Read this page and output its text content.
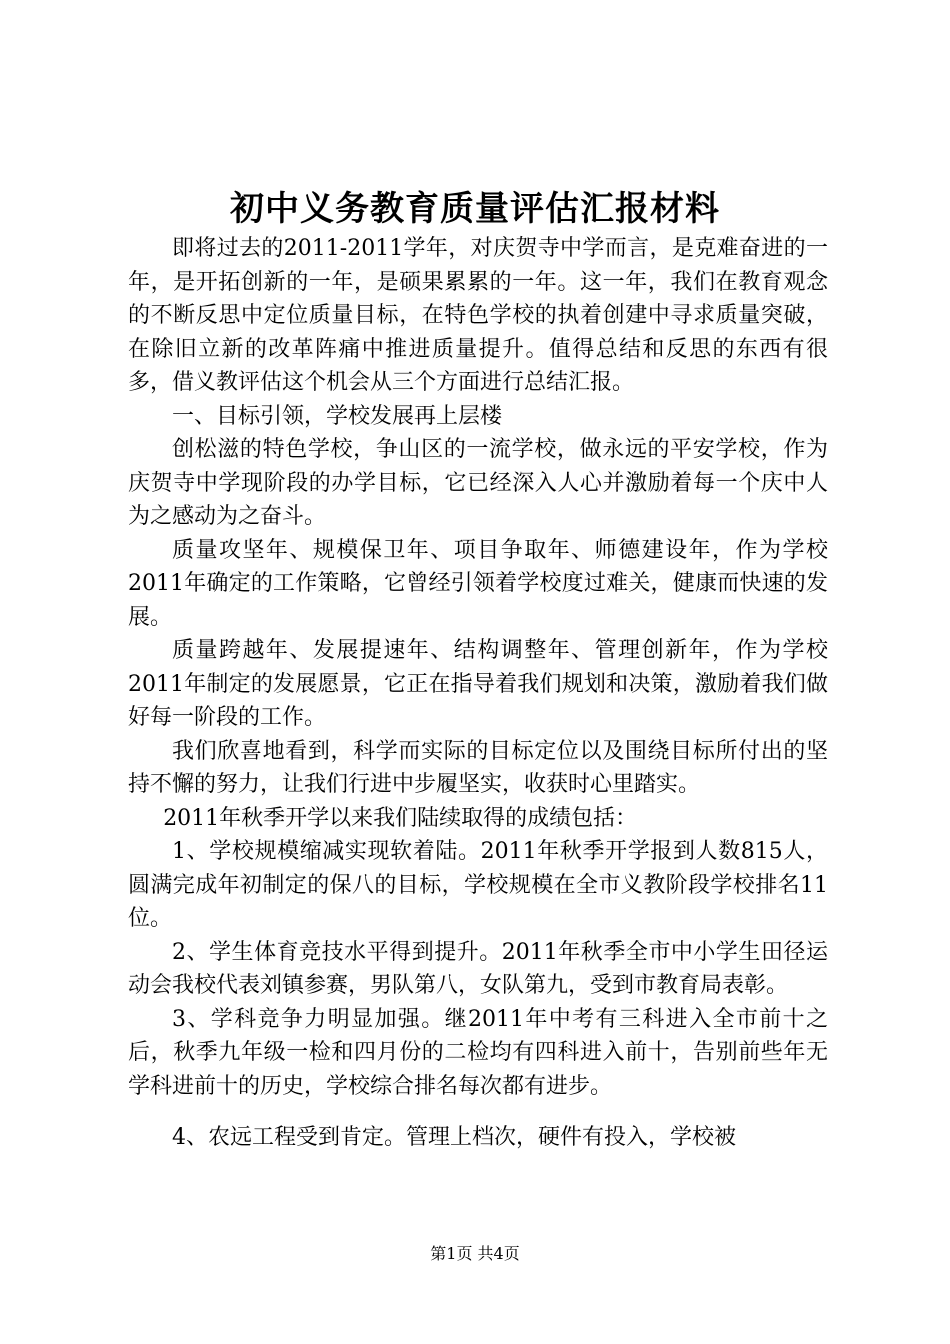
初中义务教育质量评估汇报材料

即将过去的2011-2011学年，对庆贺寺中学而言，是克难奋进的一年，是开拓创新的一年，是硕果累累的一年。这一年，我们在教育观念的不断反思中定位质量目标，在特色学校的执着创建中寻求质量突破，在除旧立新的改革阵痛中推进质量提升。值得总结和反思的东西有很多，借义教评估这个机会从三个方面进行总结汇报。

一、目标引领，学校发展再上层楼

创松滋的特色学校，争山区的一流学校，做永远的平安学校，作为庆贺寺中学现阶段的办学目标，它已经深入人心并激励着每一个庆中人为之感动为之奋斗。

质量攻坚年、规模保卫年、项目争取年、师德建设年，作为学校2011年确定的工作策略，它曾经引领着学校度过难关，健康而快速的发展。

质量跨越年、发展提速年、结构调整年、管理创新年，作为学校2011年制定的发展愿景，它正在指导着我们规划和决策，激励着我们做好每一阶段的工作。

我们欣喜地看到，科学而实际的目标定位以及围绕目标所付出的坚持不懈的努力，让我们行进中步履坚实，收获时心里踏实。

2011年秋季开学以来我们陆续取得的成绩包括：

1、学校规模缩减实现软着陆。2011年秋季开学报到人数815人，圆满完成年初制定的保八的目标，学校规模在全市义教阶段学校排名11位。

2、学生体育竞技水平得到提升。2011年秋季全市中小学生田径运动会我校代表刘镇参赛，男队第八，女队第九，受到市教育局表彰。

3、学科竞争力明显加强。继2011年中考有三科进入全市前十之后，秋季九年级一检和四月份的二检均有四科进入前十，告别前些年无学科进前十的历史，学校综合排名每次都有进步。

4、农远工程受到肯定。管理上档次，硬件有投入，学校被

第1页 共4页
